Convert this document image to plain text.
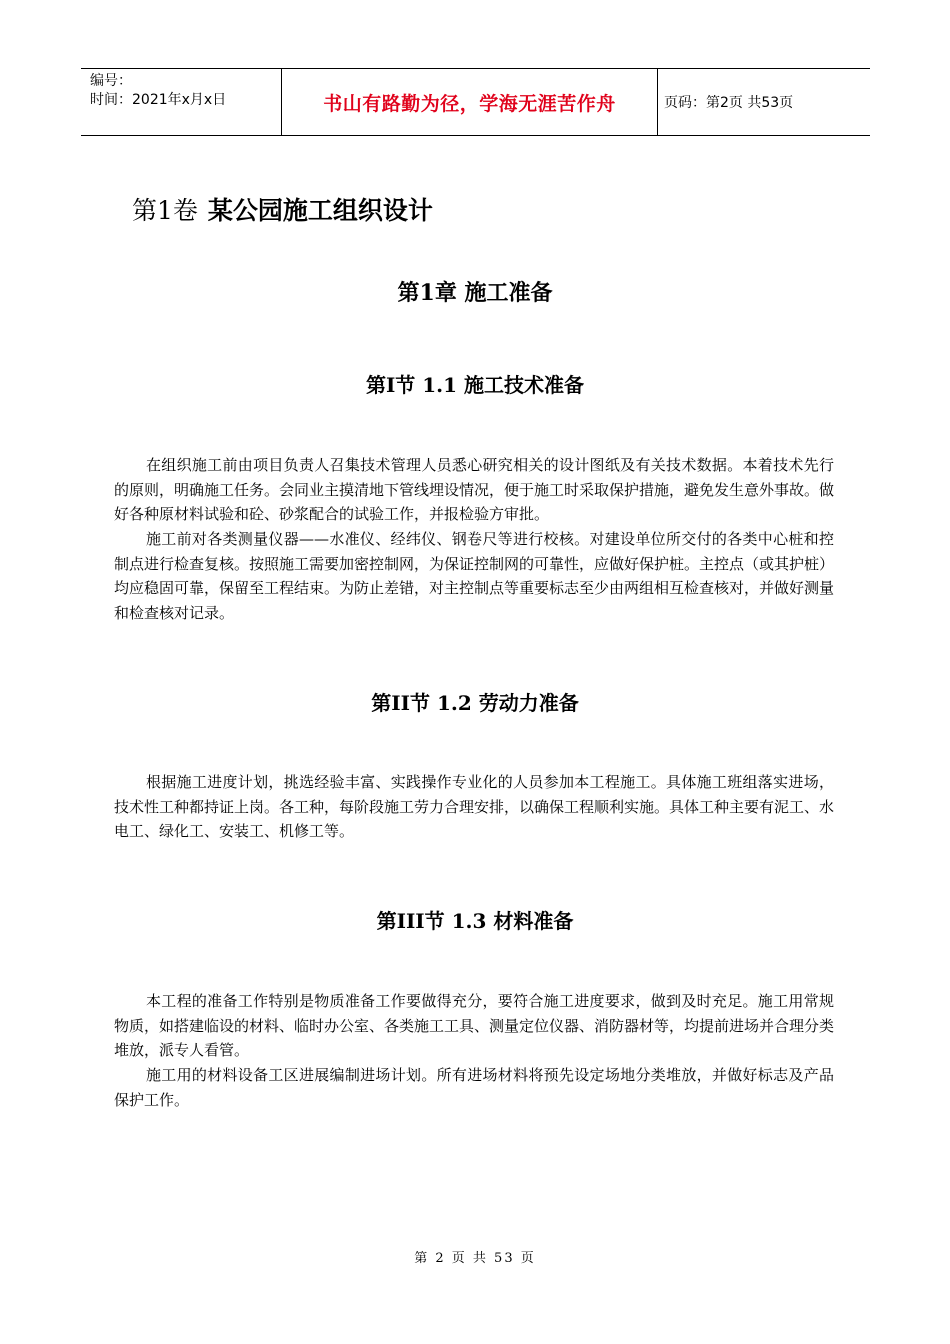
编号：
时间：2021年x月x日	书山有路勤为径，学海无涯苦作舟	页码：第2页 共53页
第1卷 某公园施工组织设计
第1章 施工准备
第I节 1.1 施工技术准备

在组织施工前由项目负责人召集技术管理人员悉心研究相关的设计图纸及有关技术数据。本着技术先行的原则，明确施工任务。会同业主摸清地下管线埋设情况，便于施工时采取保护措施，避免发生意外事故。做好各种原材料试验和砼、砂浆配合的试验工作，并报检验方审批。

施工前对各类测量仪器——水准仪、经纬仪、钢卷尺等进行校核。对建设单位所交付的各类中心桩和控制点进行检查复核。按照施工需要加密控制网，为保证控制网的可靠性，应做好保护桩。主控点（或其护桩）均应稳固可靠，保留至工程结束。为防止差错，对主控制点等重要标志至少由两组相互检查核对，并做好测量和检查核对记录。

第II节 1.2 劳动力准备

根据施工进度计划，挑选经验丰富、实践操作专业化的人员参加本工程施工。具体施工班组落实进场，技术性工种都持证上岗。各工种，每阶段施工劳力合理安排，以确保工程顺利实施。具体工种主要有泥工、水电工、绿化工、安装工、机修工等。

第III节 1.3 材料准备

本工程的准备工作特别是物质准备工作要做得充分，要符合施工进度要求，做到及时充足。施工用常规物质，如搭建临设的材料、临时办公室、各类施工工具、测量定位仪器、消防器材等，均提前进场并合理分类堆放，派专人看管。

施工用的材料设备工区进展编制进场计划。所有进场材料将预先设定场地分类堆放，并做好标志及产品保护工作。

第 2 页 共 53 页
